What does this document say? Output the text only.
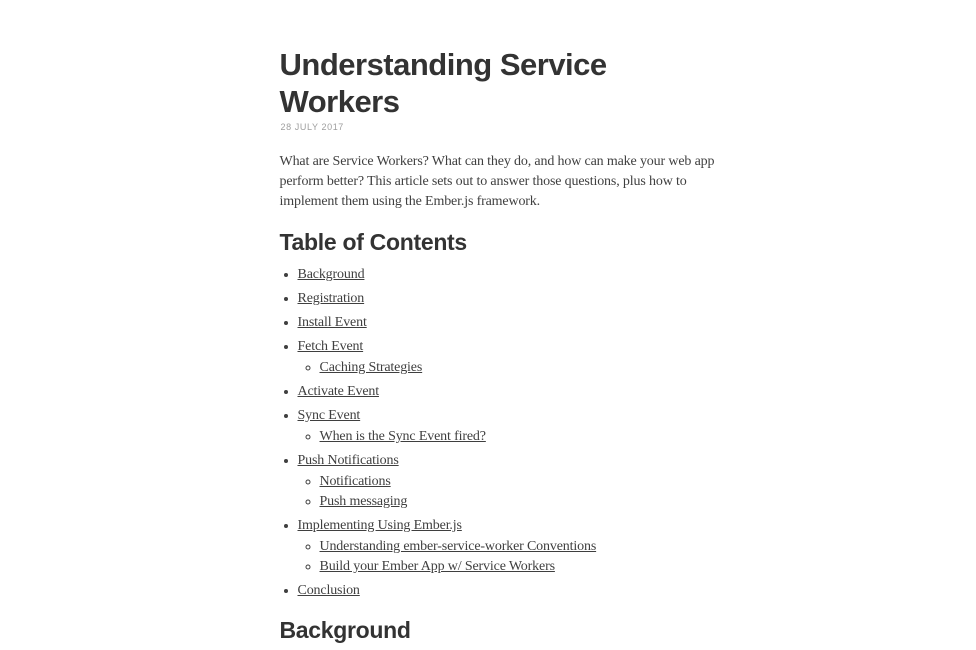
Understanding Service Workers
28 JULY 2017

What are Service Workers? What can they do, and how can make your web app
perform better? This article sets out to answer those questions, plus how to
implement them using the Ember.js framework.

Table of Contents
• Background
• Registration
• Install Event
• Fetch Event
◦ Caching Strategies
• Activate Event
• Sync Event
◦ When is the Sync Event fired?
• Push Notifications
◦ Notifications
◦ Push messaging
• Implementing Using Ember.js
◦ Understanding ember-service-worker Conventions
◦ Build your Ember App w/ Service Workers
• Conclusion
Background
